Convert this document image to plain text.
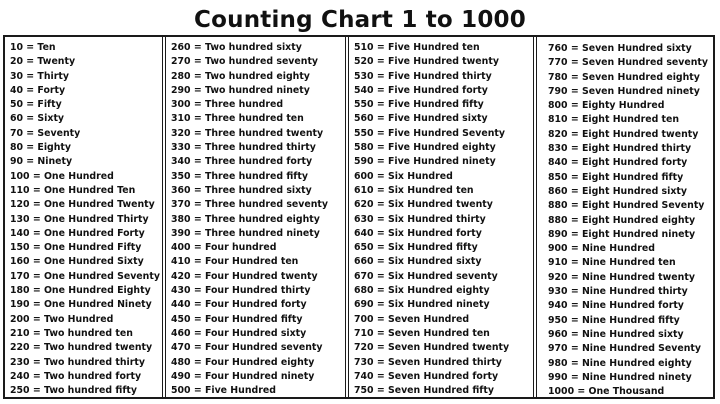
Counting Chart 1 to 1000
10 = Ten
20 = Twenty
30 = Thirty
40 = Forty
50 = Fifty
60 = Sixty
70 = Seventy
80 = Eighty
90 = Ninety
100 = One Hundred
110 = One Hundred Ten
120 = One Hundred Twenty
130 = One Hundred Thirty
140 = One Hundred Forty
150 = One Hundred Fifty
160 = One Hundred Sixty
170 = One Hundred Seventy
180 = One Hundred Eighty
190 = One Hundred Ninety
200 = Two Hundred
210 = Two hundred ten
220 = Two hundred twenty
230 = Two hundred thirty
240 = Two hundred forty
250 = Two hundred fifty
260 = Two hundred sixty
270 = Two hundred seventy
280 = Two hundred eighty
290 = Two hundred ninety
300 = Three hundred
310 = Three hundred ten
320 = Three hundred twenty
330 = Three hundred thirty
340 = Three hundred forty
350 = Three hundred fifty
360 = Three hundred sixty
370 = Three hundred seventy
380 = Three hundred eighty
390 = Three hundred ninety
400 = Four hundred
410 = Four Hundred ten
420 = Four Hundred twenty
430 = Four Hundred thirty
440 = Four Hundred forty
450 = Four Hundred fifty
460 = Four Hundred sixty
470 = Four Hundred seventy
480 = Four Hundred eighty
490 = Four Hundred ninety
500 = Five Hundred
510 = Five Hundred ten
520 = Five Hundred twenty
530 = Five Hundred thirty
540 = Five Hundred forty
550 = Five Hundred fifty
560 = Five Hundred sixty
550 = Five Hundred Seventy
580 = Five Hundred eighty
590 = Five Hundred ninety
600 = Six Hundred
610 = Six Hundred ten
620 = Six Hundred twenty
630 = Six Hundred thirty
640 = Six Hundred forty
650 = Six Hundred fifty
660 = Six Hundred sixty
670 = Six Hundred seventy
680 = Six Hundred eighty
690 = Six Hundred ninety
700 = Seven Hundred
710 = Seven Hundred ten
720 = Seven Hundred twenty
730 = Seven Hundred thirty
740 = Seven Hundred forty
750 = Seven Hundred fifty
760 = Seven Hundred sixty
770 = Seven Hundred seventy
780 = Seven Hundred eighty
790 = Seven Hundred ninety
800 = Eighty Hundred
810 = Eight Hundred ten
820 = Eight Hundred twenty
830 = Eight Hundred thirty
840 = Eight Hundred forty
850 = Eight Hundred fifty
860 = Eight Hundred sixty
880 = Eight Hundred Seventy
880 = Eight Hundred eighty
890 = Eight Hundred ninety
900 = Nine Hundred
910 = Nine Hundred ten
920 = Nine Hundred twenty
930 = Nine Hundred thirty
940 = Nine Hundred forty
950 = Nine Hundred fifty
960 = Nine Hundred sixty
970 = Nine Hundred Seventy
980 = Nine Hundred eighty
990 = Nine Hundred ninety
1000 = One Thousand
